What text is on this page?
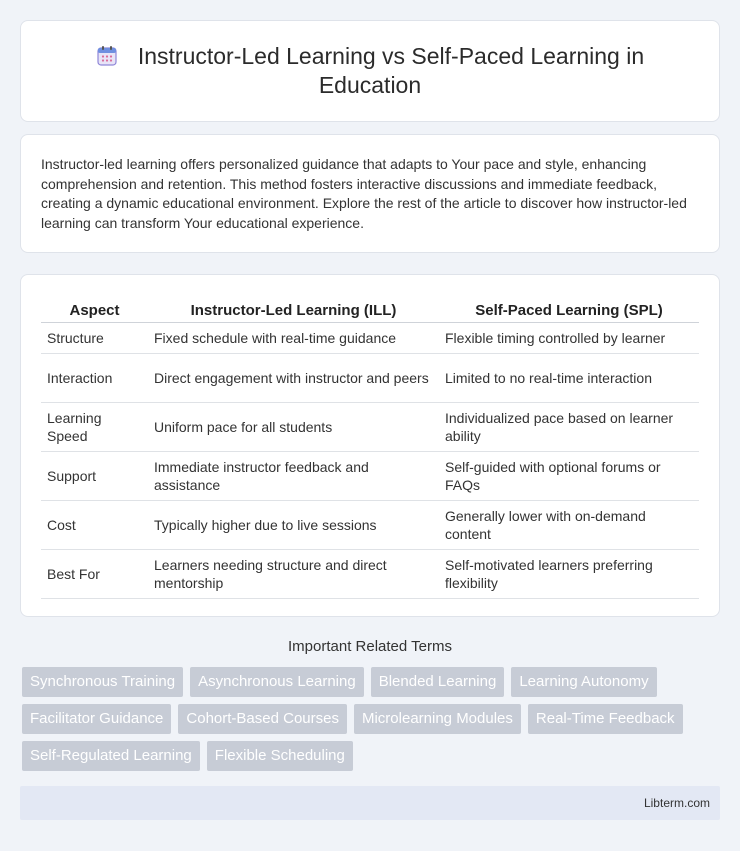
Instructor-Led Learning vs Self-Paced Learning in Education

Instructor-led learning offers personalized guidance that adapts to Your pace and style, enhancing comprehension and retention. This method fosters interactive discussions and immediate feedback, creating a dynamic educational environment. Explore the rest of the article to discover how instructor-led learning can transform Your educational experience.

Aspect	Instructor-Led Learning (ILL)	Self-Paced Learning (SPL)
Structure	Fixed schedule with real-time guidance	Flexible timing controlled by learner
Interaction	Direct engagement with instructor and peers	Limited to no real-time interaction
Learning Speed	Uniform pace for all students	Individualized pace based on learner ability
Support	Immediate instructor feedback and assistance	Self-guided with optional forums or FAQs
Cost	Typically higher due to live sessions	Generally lower with on-demand content
Best For	Learners needing structure and direct mentorship	Self-motivated learners preferring flexibility
Important Related Terms
Synchronous Training	Asynchronous Learning	Blended Learning	Learning Autonomy
Facilitator Guidance	Cohort-Based Courses	Microlearning Modules	Real-Time Feedback
Self-Regulated Learning	Flexible Scheduling
Libterm.com
